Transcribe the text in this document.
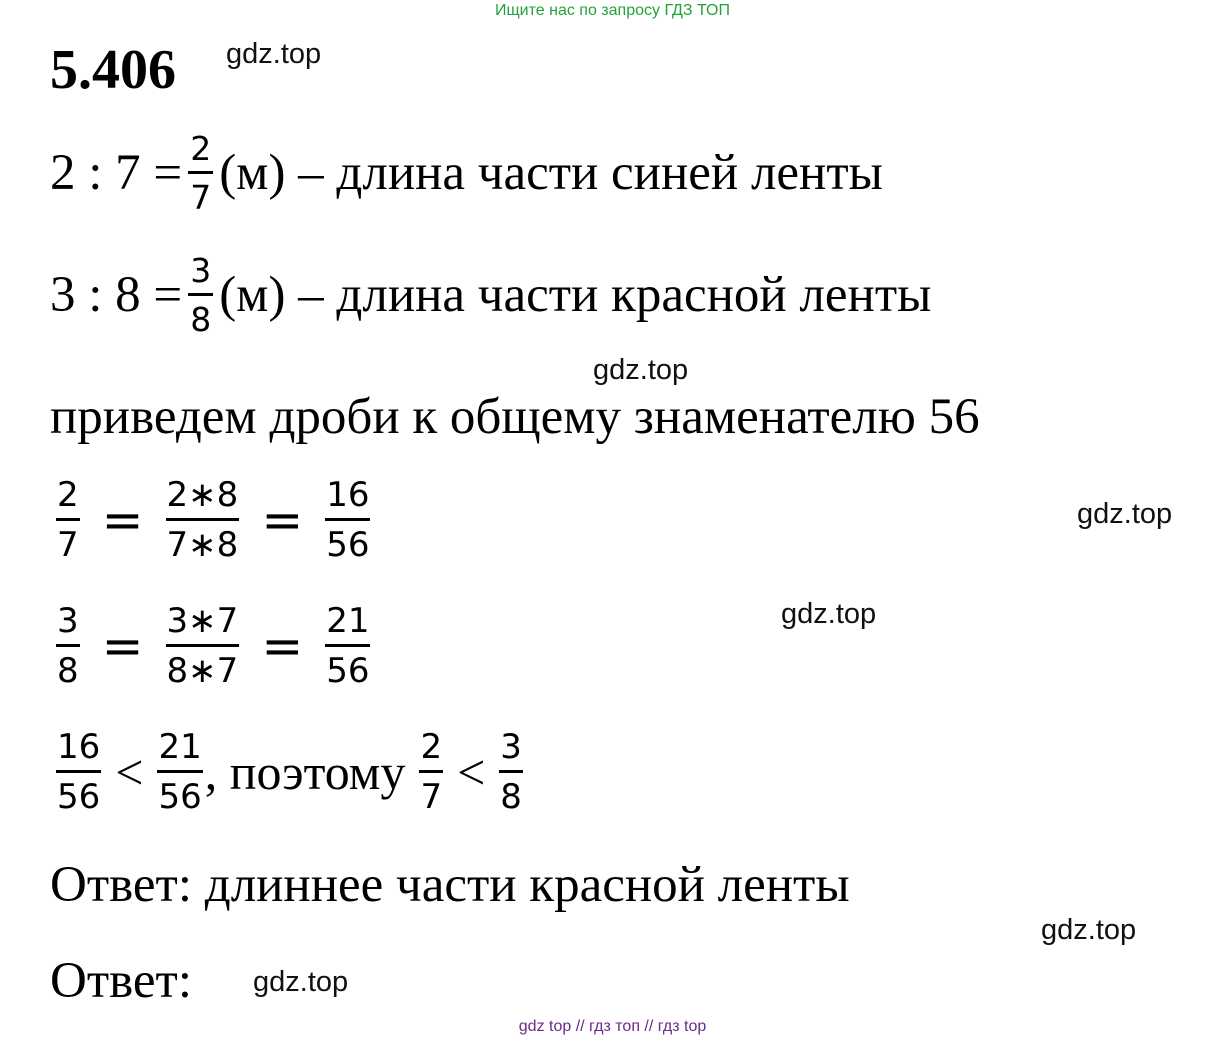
Ищите нас по запросу ГДЗ ТОП
5.406 gdz.top
gdz.top
gdz.top
gdz.top
gdz.top
gdz.top
2 : $7 = \frac{2}{7} (м)$ – длина части синей ленты
3 : $8 = \frac{3}{8} (м)$ – длина части красной ленты
приведем дроби к общему знаменателю 56
$\frac{2}{7} = \frac{2∗8}{7∗8} = \frac{16}{56}$
$\frac{3}{8} = \frac{3∗7}{8∗7} = \frac{21}{56}$
$\frac{16}{56} < \frac{21}{56}$ , поэтому $\frac{2}{7} < \frac{3}{8}$
Ответ: длиннее части красной ленты
Ответ:
gdz top // гдз топ // гдз top
